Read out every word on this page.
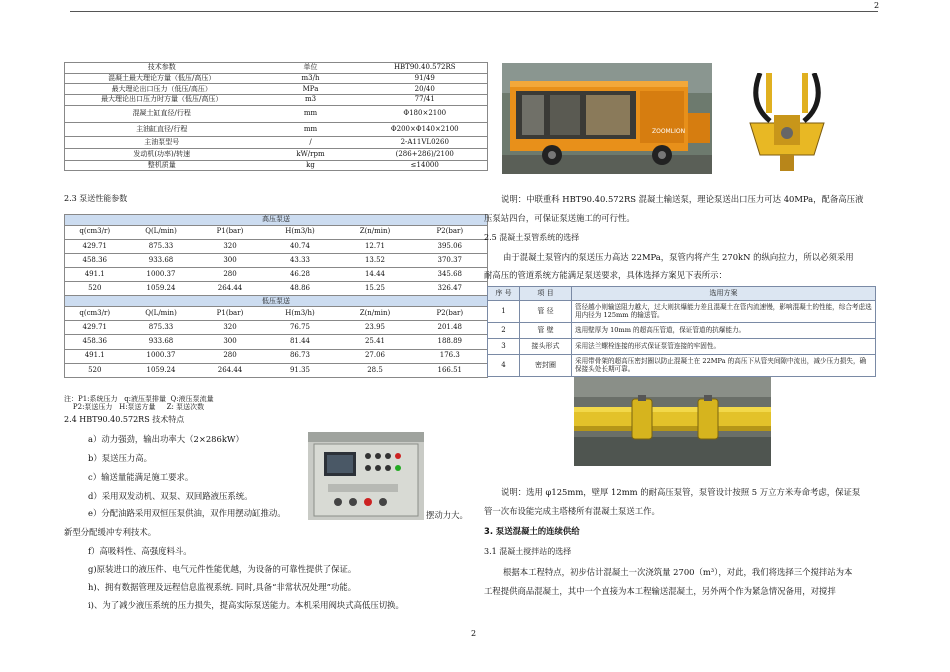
2
技术参数	单位	HBT90.40.572RS
混凝土最大理论方量（低压/高压）	m3/h	91/49
最大理论出口压力（低压/高压）	MPa	20/40
最大理论出口压力时方量（低压/高压）	m3	77/41
混凝土缸直径/行程	mm	Φ180×2100
主油缸直径/行程	mm	Φ200×Φ140×2100
主油泵型号	/	2-A11VL0260
发动机(功率)/转速	kW/rpm	(286+286)/2100
整机质量	kg	≤14000
2.3 泵送性能参数
高压泵送					
q(cm3/r)	Q(L/min)	P1(bar)	H(m3/h)	Z(n/min)	P2(bar)
429.71	875.33	320	40.74	12.71	395.06
458.36	933.68	300	43.33	13.52	370.37
491.1	1000.37	280	46.28	14.44	345.68
520	1059.24	264.44	48.86	15.25	326.47
低压泵送					
q(cm3/r)	Q(L/min)	P1(bar)	H(m3/h)	Z(n/min)	P2(bar)
429.71	875.33	320	76.75	23.95	201.48
458.36	933.68	300	81.44	25.41	188.89
491.1	1000.37	280	86.73	27.06	176.3
520	1059.24	264.44	91.35	28.5	166.51
注：P1:系统压力   q:液压泵排量  Q:液压泵流量
P2:泵送压力   H:泵送方量     Z: 泵送次数
2.4 HBT90.40.572RS 技术特点
a）动力强劲，输出功率大（2×286kW）
b）泵送压力高。
c）输送量能满足施工要求。
d）采用双发动机、双泵、双回路液压系统。
e）分配油路采用双恒压泵供油，双作用摆动缸推动。	摆动力大。
新型分配缓冲专利技术。
f）高吸料性、高强度料斗。
g)原装进口的液压件、电气元件性能优越，为设备的可靠性提供了保证。
h)、拥有数据管理及远程信息监视系统. 同时,具备“非常状况处理”功能。
i)、为了减少液压系统的压力损失，提高实际泵送能力。本机采用阀块式高低压切换。
ZOOMLION
说明：中联重科 HBT90.40.572RS 混凝土输送泵，理论泵送出口压力可达 40MPa，配备高压液
压泵站四台，可保证泵送施工的可行性。
2.5 混凝土泵管系统的选择
由于混凝土泵管内的泵送压力高达 22MPa，泵管内将产生 270kN 的纵向拉力，所以必须采用
耐高压的管道系统方能满足泵送要求，具体选择方案见下表所示：
序 号	项 目	选用方案
1	管 径	管径越小则输送阻力越大，过大则抗爆能力差且混凝土在管内流速慢，影响混凝土的性能，综合考虑选用内径为 125mm 的输送管。
2	管 壁	选用壁厚为 10mm 的超高压管道，保证管道的抗爆能力。
3	接头形式	采用法兰螺栓连接的形式保证泵管连接的牢固性。
4	密封圈	采用带骨架的超高压密封圈以防止混凝土在 22MPa 的高压下从管夹间隙中流出，减少压力损失，确保接头处长期可靠。
说明：选用 φ125mm，壁厚 12mm 的耐高压泵管，泵管设计按照 5 万立方米寿命考虑，保证泵
管一次布设能完成主塔楼所有混凝土泵送工作。
3. 泵送混凝土的连续供给
3.1 混凝土搅拌站的选择
根据本工程特点，初步估计混凝土一次浇筑量 2700（m³），对此，我们将选择三个搅拌站为本
工程提供商品混凝土，其中一个直接为本工程输送混凝土，另外两个作为紧急情况备用，对搅拌
2
